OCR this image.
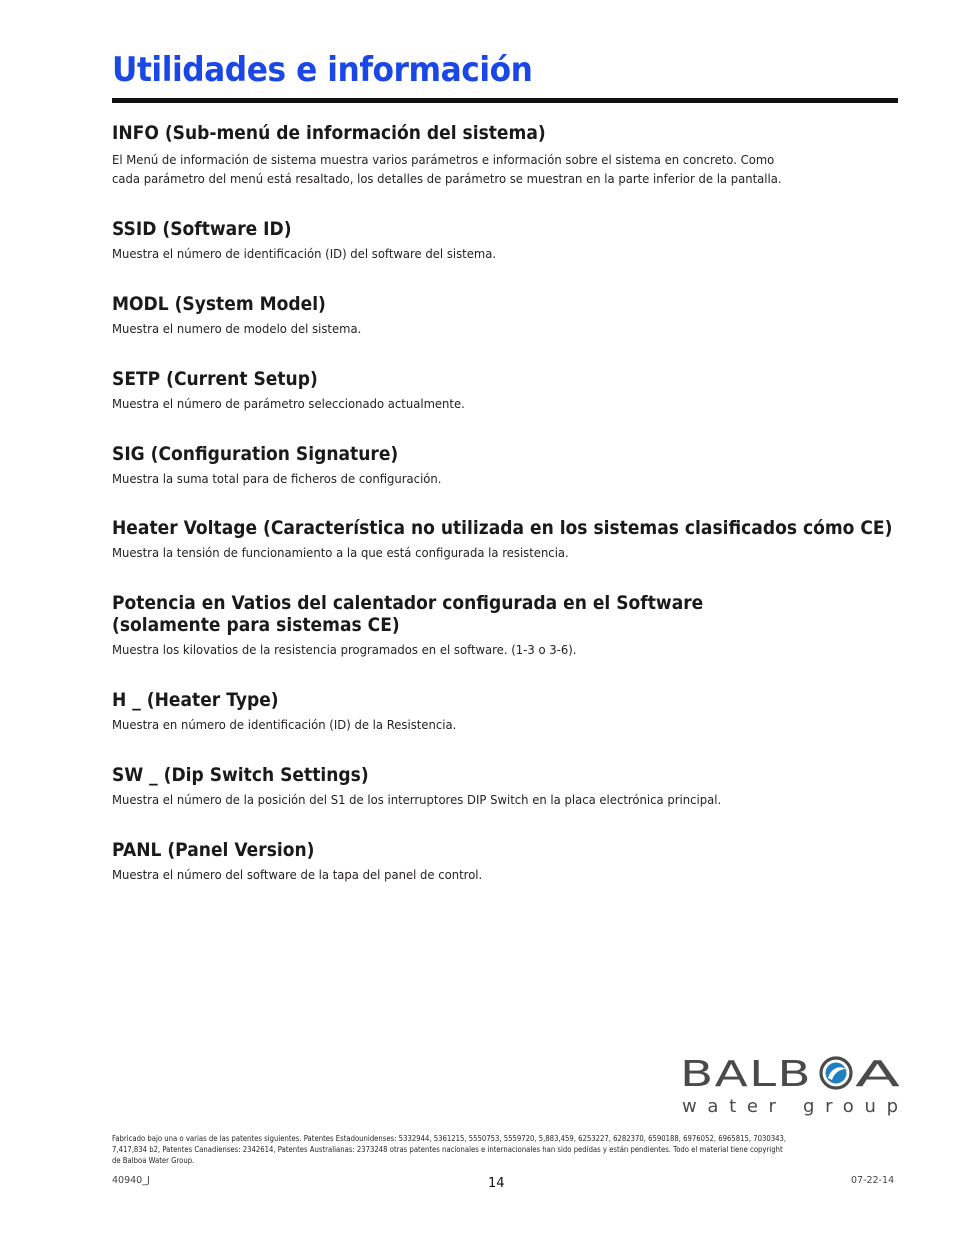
Utilidades e información
INFO (Sub-menú de información del sistema)

El Menú de información de sistema muestra varios parámetros e información sobre el sistema en concreto. Como
cada parámetro del menú está resaltado, los detalles de parámetro se muestran en la parte inferior de la pantalla.

SSID (Software ID)

Muestra el número de identificación (ID) del software del sistema.

MODL (System Model)

Muestra el numero de modelo del sistema.

SETP (Current Setup)

Muestra el número de parámetro seleccionado actualmente.

SIG (Configuration Signature)

Muestra la suma total para de ficheros de configuración.

Heater Voltage (Característica no utilizada en los sistemas clasificados cómo CE)

Muestra la tensión de funcionamiento a la que está configurada la resistencia.

Potencia en Vatios del calentador configurada en el Software
(solamente para sistemas CE)

Muestra los kilovatios de la resistencia programados en el software. (1-3 o 3-6).

H _ (Heater Type)

Muestra en número de identificación (ID) de la Resistencia.

SW _ (Dip Switch Settings)

Muestra el número de la posición del S1 de los interruptores DIP Switch en la placa electrónica principal.

PANL (Panel Version)

Muestra el número del software de la tapa del panel de control.

BALB A
water group
Fabricado bajo una o varias de las patentes siguientes. Patentes Estadounidenses: 5332944, 5361215, 5550753, 5559720, 5,883,459, 6253227, 6282370, 6590188, 6976052, 6965815, 7030343,
7,417,834 b2, Patentes Canadienses: 2342614, Patentes Australianas: 2373248 otras patentes nacionales e internacionales han sido pedidas y están pendientes. Todo el material tiene copyright
de Balboa Water Group.
40940_J	14	07-22-14
